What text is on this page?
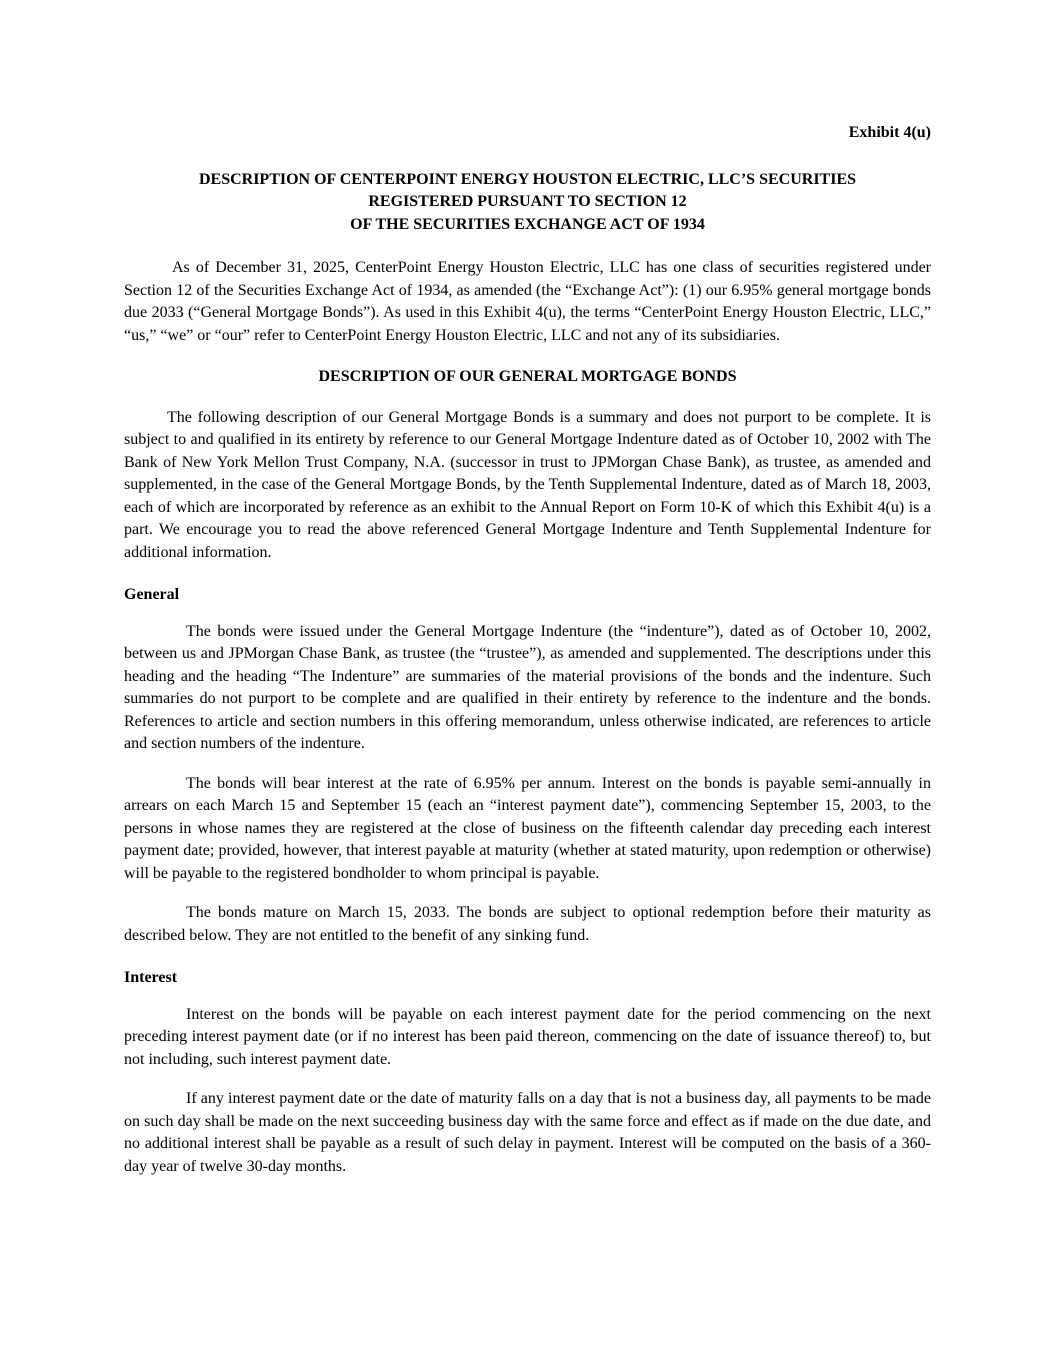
Exhibit 4(u)

DESCRIPTION OF CENTERPOINT ENERGY HOUSTON ELECTRIC, LLC’S SECURITIES
REGISTERED PURSUANT TO SECTION 12
OF THE SECURITIES EXCHANGE ACT OF 1934

As of December 31, 2025, CenterPoint Energy Houston Electric, LLC has one class of securities registered under Section 12 of the Securities Exchange Act of 1934, as amended (the “Exchange Act”): (1) our 6.95% general mortgage bonds due 2033 (“General Mortgage Bonds”). As used in this Exhibit 4(u), the terms “CenterPoint Energy Houston Electric, LLC,” “us,” “we” or “our” refer to CenterPoint Energy Houston Electric, LLC and not any of its subsidiaries.

DESCRIPTION OF OUR GENERAL MORTGAGE BONDS

The following description of our General Mortgage Bonds is a summary and does not purport to be complete. It is subject to and qualified in its entirety by reference to our General Mortgage Indenture dated as of October 10, 2002 with The Bank of New York Mellon Trust Company, N.A. (successor in trust to JPMorgan Chase Bank), as trustee, as amended and supplemented, in the case of the General Mortgage Bonds, by the Tenth Supplemental Indenture, dated as of March 18, 2003, each of which are incorporated by reference as an exhibit to the Annual Report on Form 10-K of which this Exhibit 4(u) is a part. We encourage you to read the above referenced General Mortgage Indenture and Tenth Supplemental Indenture for additional information.

General

The bonds were issued under the General Mortgage Indenture (the “indenture”), dated as of October 10, 2002, between us and JPMorgan Chase Bank, as trustee (the “trustee”), as amended and supplemented. The descriptions under this heading and the heading “The Indenture” are summaries of the material provisions of the bonds and the indenture. Such summaries do not purport to be complete and are qualified in their entirety by reference to the indenture and the bonds. References to article and section numbers in this offering memorandum, unless otherwise indicated, are references to article and section numbers of the indenture.

The bonds will bear interest at the rate of 6.95% per annum. Interest on the bonds is payable semi-annually in arrears on each March 15 and September 15 (each an “interest payment date”), commencing September 15, 2003, to the persons in whose names they are registered at the close of business on the fifteenth calendar day preceding each interest payment date; provided, however, that interest payable at maturity (whether at stated maturity, upon redemption or otherwise) will be payable to the registered bondholder to whom principal is payable.

The bonds mature on March 15, 2033. The bonds are subject to optional redemption before their maturity as described below. They are not entitled to the benefit of any sinking fund.

Interest

Interest on the bonds will be payable on each interest payment date for the period commencing on the next preceding interest payment date (or if no interest has been paid thereon, commencing on the date of issuance thereof) to, but not including, such interest payment date.

If any interest payment date or the date of maturity falls on a day that is not a business day, all payments to be made on such day shall be made on the next succeeding business day with the same force and effect as if made on the due date, and no additional interest shall be payable as a result of such delay in payment. Interest will be computed on the basis of a 360-day year of twelve 30-day months.
